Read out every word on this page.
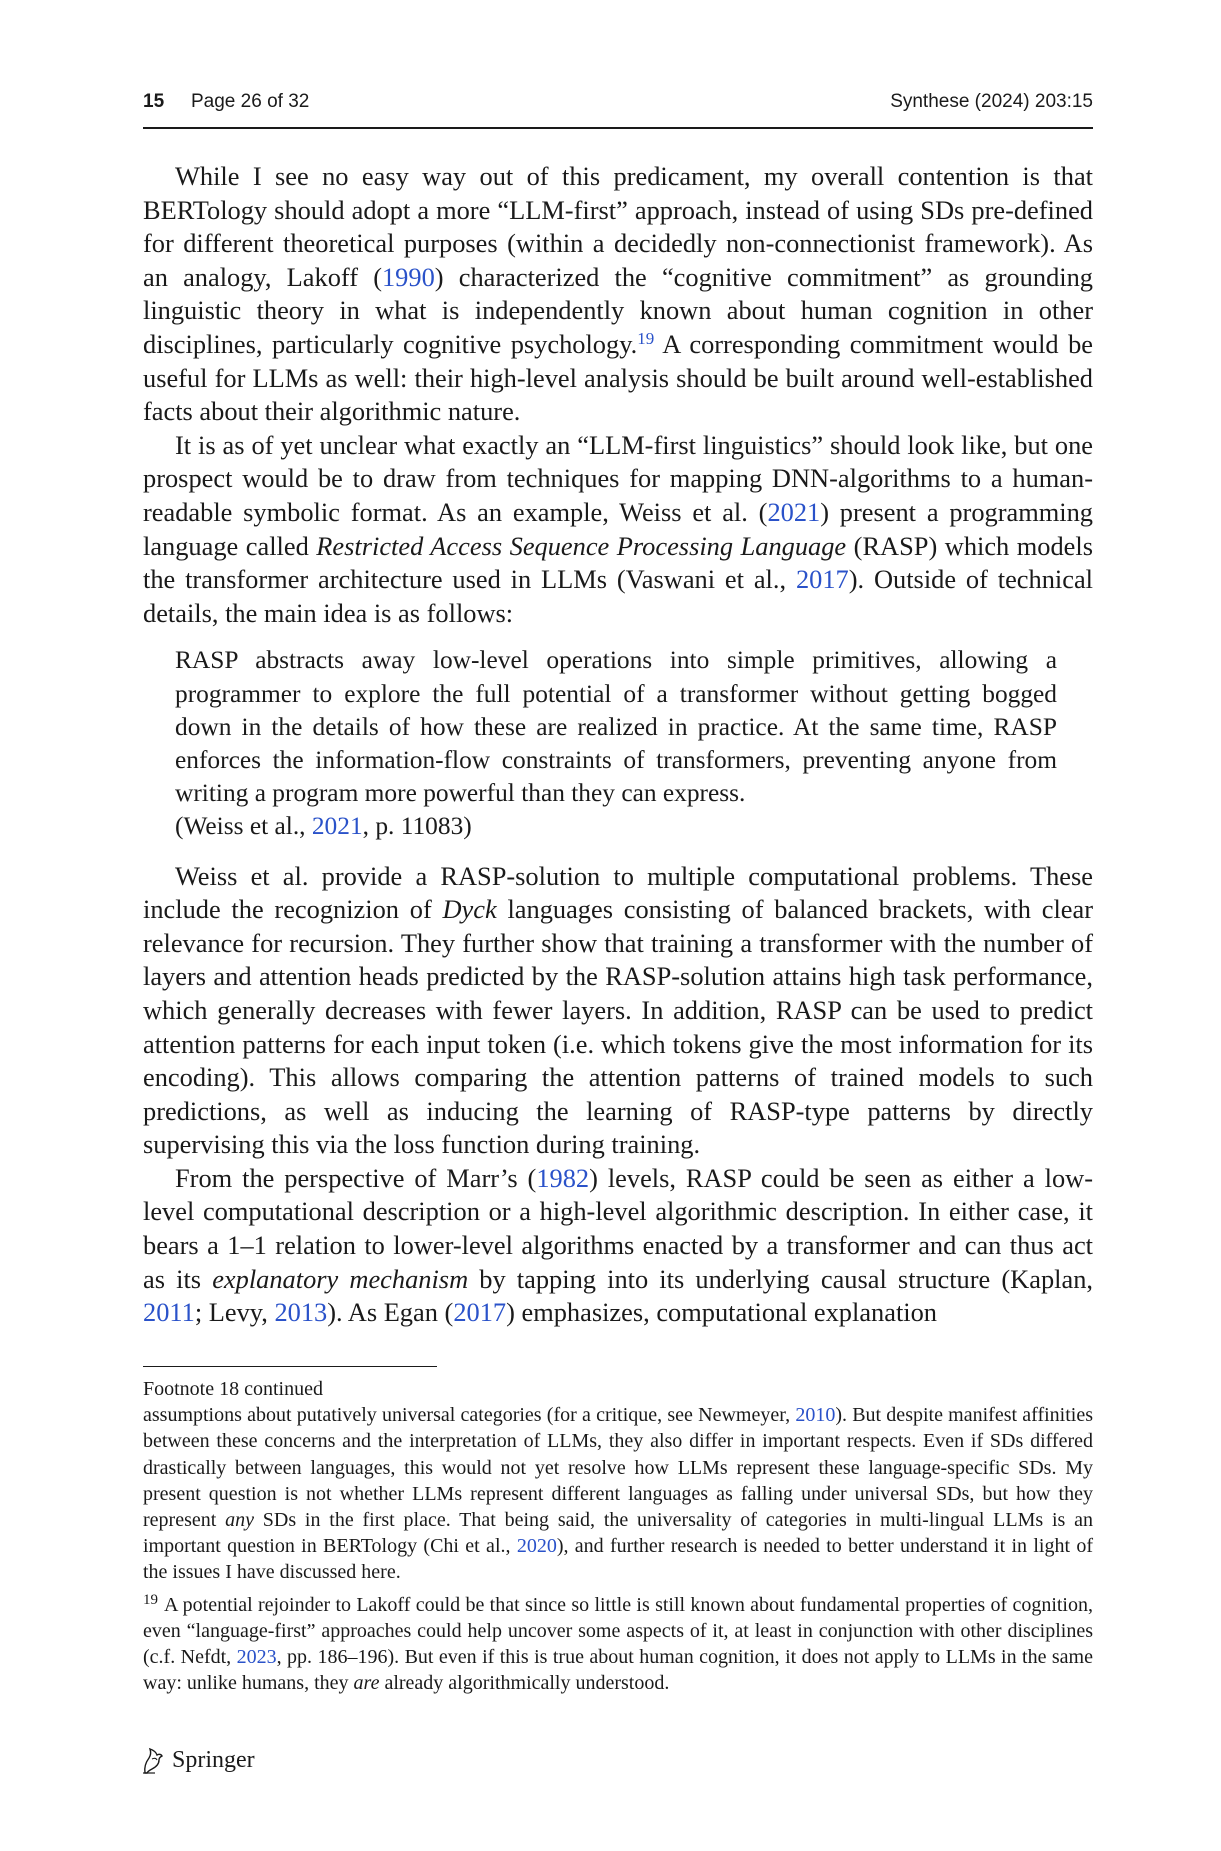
15 Page 26 of 32	Synthese (2024) 203:15

While I see no easy way out of this predicament, my overall contention is that BERTology should adopt a more “LLM-first” approach, instead of using SDs pre-defined for different theoretical purposes (within a decidedly non-connectionist framework). As an analogy, Lakoff (1990) characterized the “cognitive commitment” as grounding linguistic theory in what is independently known about human cognition in other disciplines, particularly cognitive psychology.$^{19}$ A corresponding commitment would be useful for LLMs as well: their high-level analysis should be built around well-established facts about their algorithmic nature.

It is as of yet unclear what exactly an “LLM-first linguistics” should look like, but one prospect would be to draw from techniques for mapping DNN-algorithms to a human-readable symbolic format. As an example, Weiss et al. (2021) present a programming language called Restricted Access Sequence Processing Language (RASP) which models the transformer architecture used in LLMs (Vaswani et al., 2017). Outside of technical details, the main idea is as follows:

RASP abstracts away low-level operations into simple primitives, allowing a programmer to explore the full potential of a transformer without getting bogged down in the details of how these are realized in practice. At the same time, RASP enforces the information-flow constraints of transformers, preventing anyone from writing a program more powerful than they can express.
(Weiss et al., 2021, p. 11083)

Weiss et al. provide a RASP-solution to multiple computational problems. These include the recognizion of Dyck languages consisting of balanced brackets, with clear relevance for recursion. They further show that training a transformer with the number of layers and attention heads predicted by the RASP-solution attains high task performance, which generally decreases with fewer layers. In addition, RASP can be used to predict attention patterns for each input token (i.e. which tokens give the most information for its encoding). This allows comparing the attention patterns of trained models to such predictions, as well as inducing the learning of RASP-type patterns by directly supervising this via the loss function during training.

From the perspective of Marr’s (1982) levels, RASP could be seen as either a low-level computational description or a high-level algorithmic description. In either case, it bears a 1–1 relation to lower-level algorithms enacted by a transformer and can thus act as its explanatory mechanism by tapping into its underlying causal structure (Kaplan, 2011; Levy, 2013). As Egan (2017) emphasizes, computational explanation

Footnote 18 continued

assumptions about putatively universal categories (for a critique, see Newmeyer, 2010). But despite manifest affinities between these concerns and the interpretation of LLMs, they also differ in important respects. Even if SDs differed drastically between languages, this would not yet resolve how LLMs represent these language-specific SDs. My present question is not whether LLMs represent different languages as falling under universal SDs, but how they represent any SDs in the first place. That being said, the universality of categories in multi-lingual LLMs is an important question in BERTology (Chi et al., 2020), and further research is needed to better understand it in light of the issues I have discussed here.

$^{19}$ A potential rejoinder to Lakoff could be that since so little is still known about fundamental properties of cognition, even “language-first” approaches could help uncover some aspects of it, at least in conjunction with other disciplines (c.f. Nefdt, 2023, pp. 186–196). But even if this is true about human cognition, it does not apply to LLMs in the same way: unlike humans, they are already algorithmically understood.

Springer
